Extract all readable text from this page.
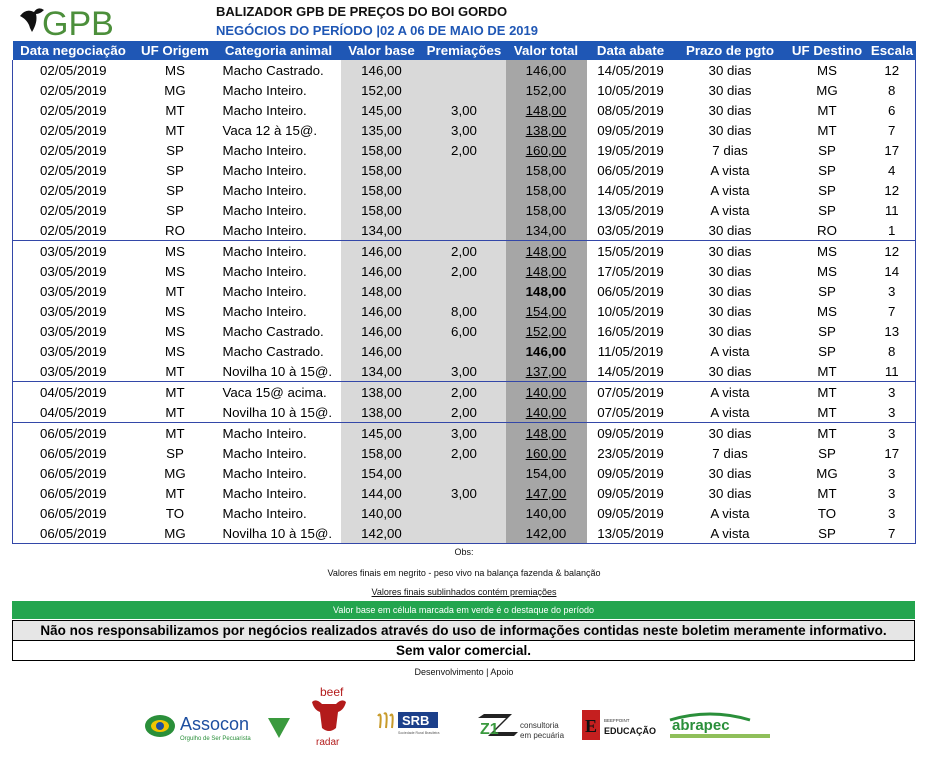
GPB	BALIZADOR GPB DE PREÇOS DO BOI GORDO
NEGÓCIOS DO PERÍODO |02 A 06 DE MAIO DE 2019
Data negociação	UF Origem	Categoria animal	Valor base	Premiações	Valor total	Data abate	Prazo de pgto	UF Destino	Escala
02/05/2019	MS	Macho Castrado.	146,00		146,00	14/05/2019	30 dias	MS	12
02/05/2019	MG	Macho Inteiro.	152,00		152,00	10/05/2019	30 dias	MG	8
02/05/2019	MT	Macho Inteiro.	145,00	3,00	148,00	08/05/2019	30 dias	MT	6
02/05/2019	MT	Vaca 12 à 15@.	135,00	3,00	138,00	09/05/2019	30 dias	MT	7
02/05/2019	SP	Macho Inteiro.	158,00	2,00	160,00	19/05/2019	7 dias	SP	17
02/05/2019	SP	Macho Inteiro.	158,00		158,00	06/05/2019	A vista	SP	4
02/05/2019	SP	Macho Inteiro.	158,00		158,00	14/05/2019	A vista	SP	12
02/05/2019	SP	Macho Inteiro.	158,00		158,00	13/05/2019	A vista	SP	11
02/05/2019	RO	Macho Inteiro.	134,00		134,00	03/05/2019	30 dias	RO	1
03/05/2019	MS	Macho Inteiro.	146,00	2,00	148,00	15/05/2019	30 dias	MS	12
03/05/2019	MS	Macho Inteiro.	146,00	2,00	148,00	17/05/2019	30 dias	MS	14
03/05/2019	MT	Macho Inteiro.	148,00		148,00	06/05/2019	30 dias	SP	3
03/05/2019	MS	Macho Inteiro.	146,00	8,00	154,00	10/05/2019	30 dias	MS	7
03/05/2019	MS	Macho Castrado.	146,00	6,00	152,00	16/05/2019	30 dias	SP	13
03/05/2019	MS	Macho Castrado.	146,00		146,00	11/05/2019	A vista	SP	8
03/05/2019	MT	Novilha 10 à 15@.	134,00	3,00	137,00	14/05/2019	30 dias	MT	11
04/05/2019	MT	Vaca 15@ acima.	138,00	2,00	140,00	07/05/2019	A vista	MT	3
04/05/2019	MT	Novilha 10 à 15@.	138,00	2,00	140,00	07/05/2019	A vista	MT	3
06/05/2019	MT	Macho Inteiro.	145,00	3,00	148,00	09/05/2019	30 dias	MT	3
06/05/2019	SP	Macho Inteiro.	158,00	2,00	160,00	23/05/2019	7 dias	SP	17
06/05/2019	MG	Macho Inteiro.	154,00		154,00	09/05/2019	30 dias	MG	3
06/05/2019	MT	Macho Inteiro.	144,00	3,00	147,00	09/05/2019	30 dias	MT	3
06/05/2019	TO	Macho Inteiro.	140,00		140,00	09/05/2019	A vista	TO	3
06/05/2019	MG	Novilha 10 à 15@.	142,00		142,00	13/05/2019	A vista	SP	7
Obs:
Valores finais em negrito - peso vivo na balança fazenda & balanção
Valores finais sublinhados contém premiações
Valor base em célula marcada em verde é o destaque do período
Não nos responsabilizamos por negócios realizados através do uso de informações contidas neste boletim meramente informativo.
Sem valor comercial.
Desenvolvimento | Apoio
Assocon
Orgulho de Ser Pecuarista
beef
radar
SRB
Sociedade Rural Brasileira	Z1	consultoria
em pecuária E BEEFPOINT
EDUCAÇÃO abrapec
